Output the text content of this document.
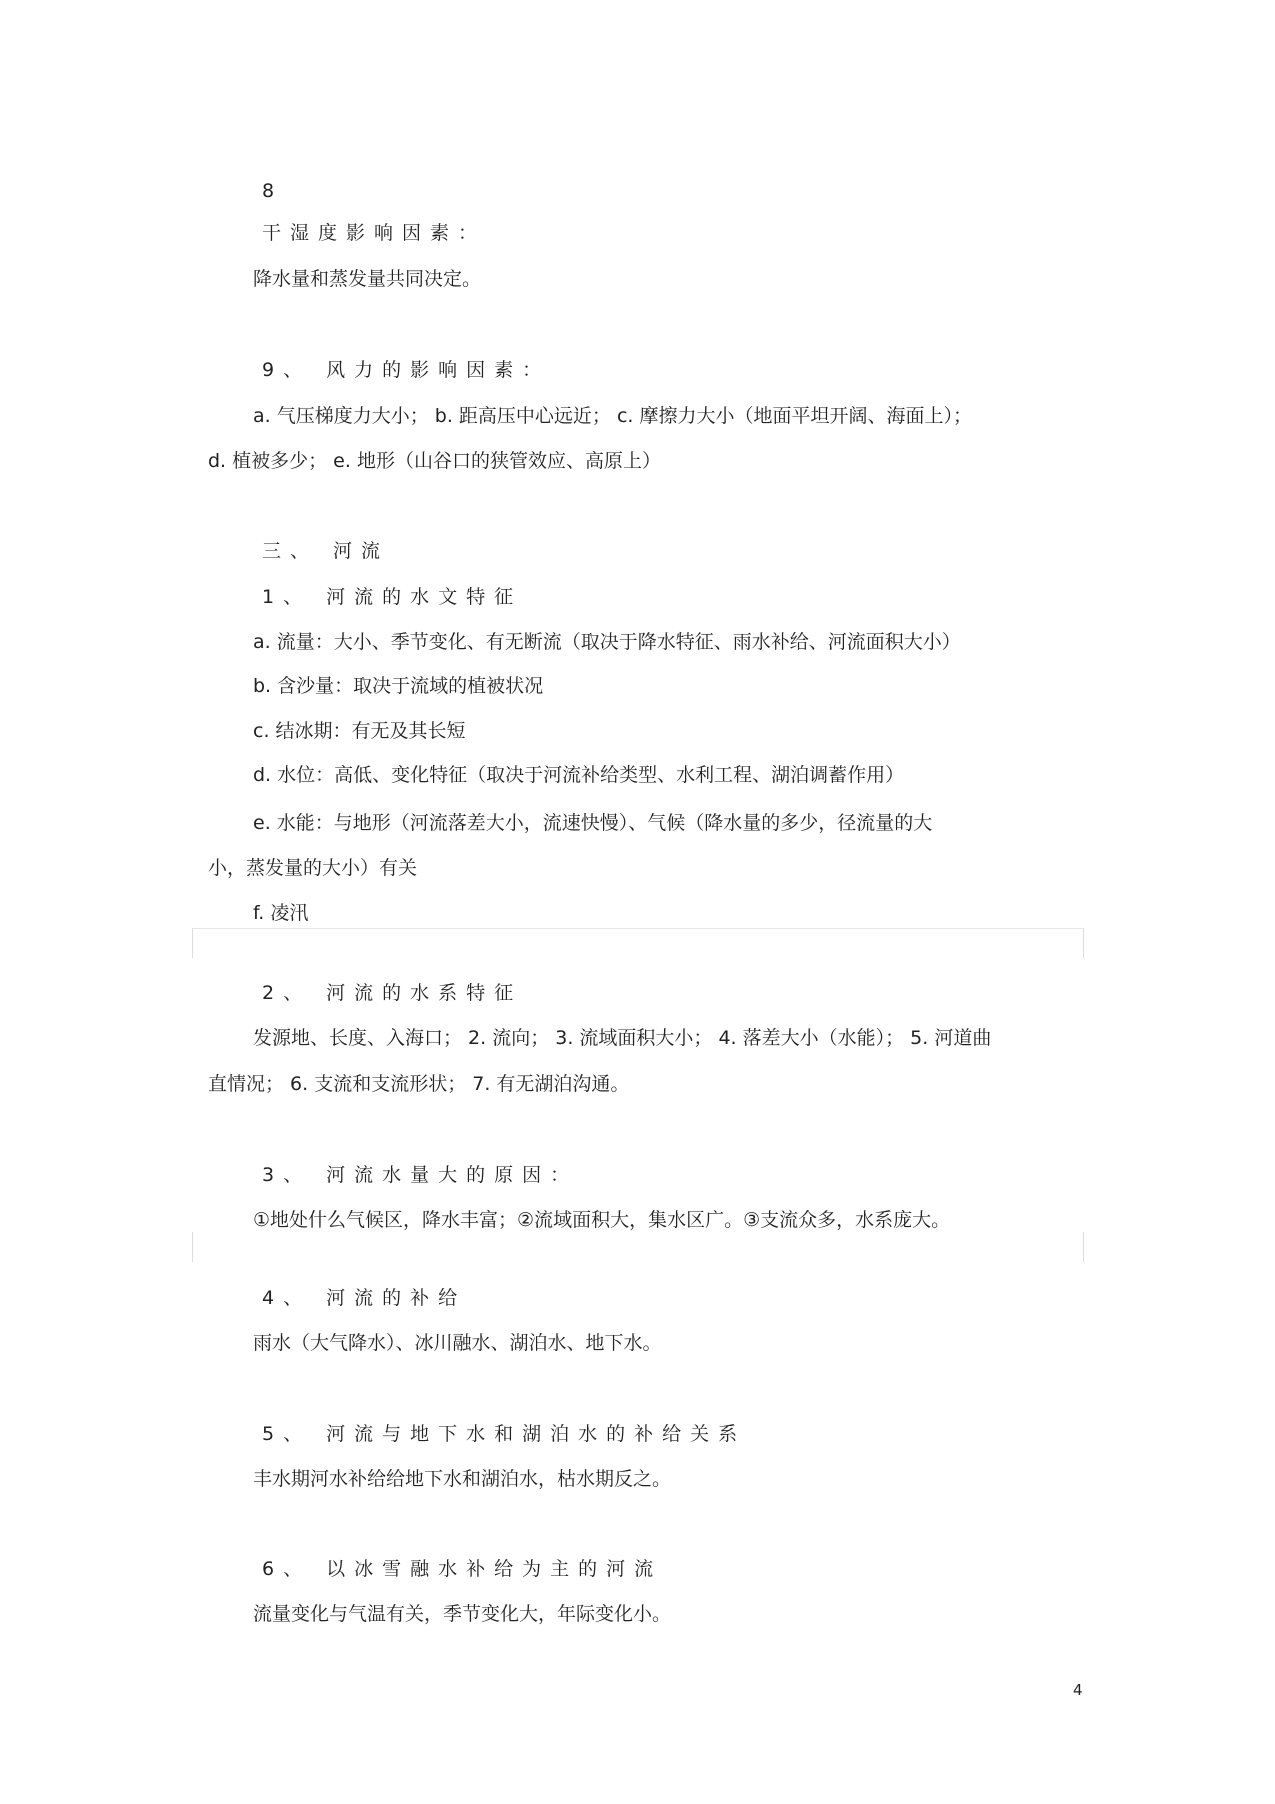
8
干湿度影响因素：
降水量和蒸发量共同决定。
9、 风力的影响因素：
a. 气压梯度力大小； b. 距高压中心远近； c. 摩擦力大小（地面平坦开阔、海面上）；
d. 植被多少； e. 地形（山谷口的狭管效应、高原上）
三、 河流
1、 河流的水文特征
a. 流量：大小、季节变化、有无断流（取决于降水特征、雨水补给、河流面积大小）
b. 含沙量：取决于流域的植被状况
c. 结冰期：有无及其长短
d. 水位：高低、变化特征（取决于河流补给类型、水利工程、湖泊调蓄作用）
e. 水能：与地形（河流落差大小，流速快慢）、气候（降水量的多少，径流量的大
小，蒸发量的大小）有关
f. 凌汛
2、 河流的水系特征
发源地、长度、入海口； 2. 流向； 3. 流域面积大小； 4. 落差大小（水能）； 5. 河道曲
直情况； 6. 支流和支流形状； 7. 有无湖泊沟通。
3、 河流水量大的原因：
①地处什么气候区，降水丰富；②流域面积大，集水区广。③支流众多，水系庞大。
4、 河流的补给
雨水（大气降水）、冰川融水、湖泊水、地下水。
5、 河流与地下水和湖泊水的补给关系
丰水期河水补给给地下水和湖泊水，枯水期反之。
6、 以冰雪融水补给为主的河流
流量变化与气温有关，季节变化大，年际变化小。
4
